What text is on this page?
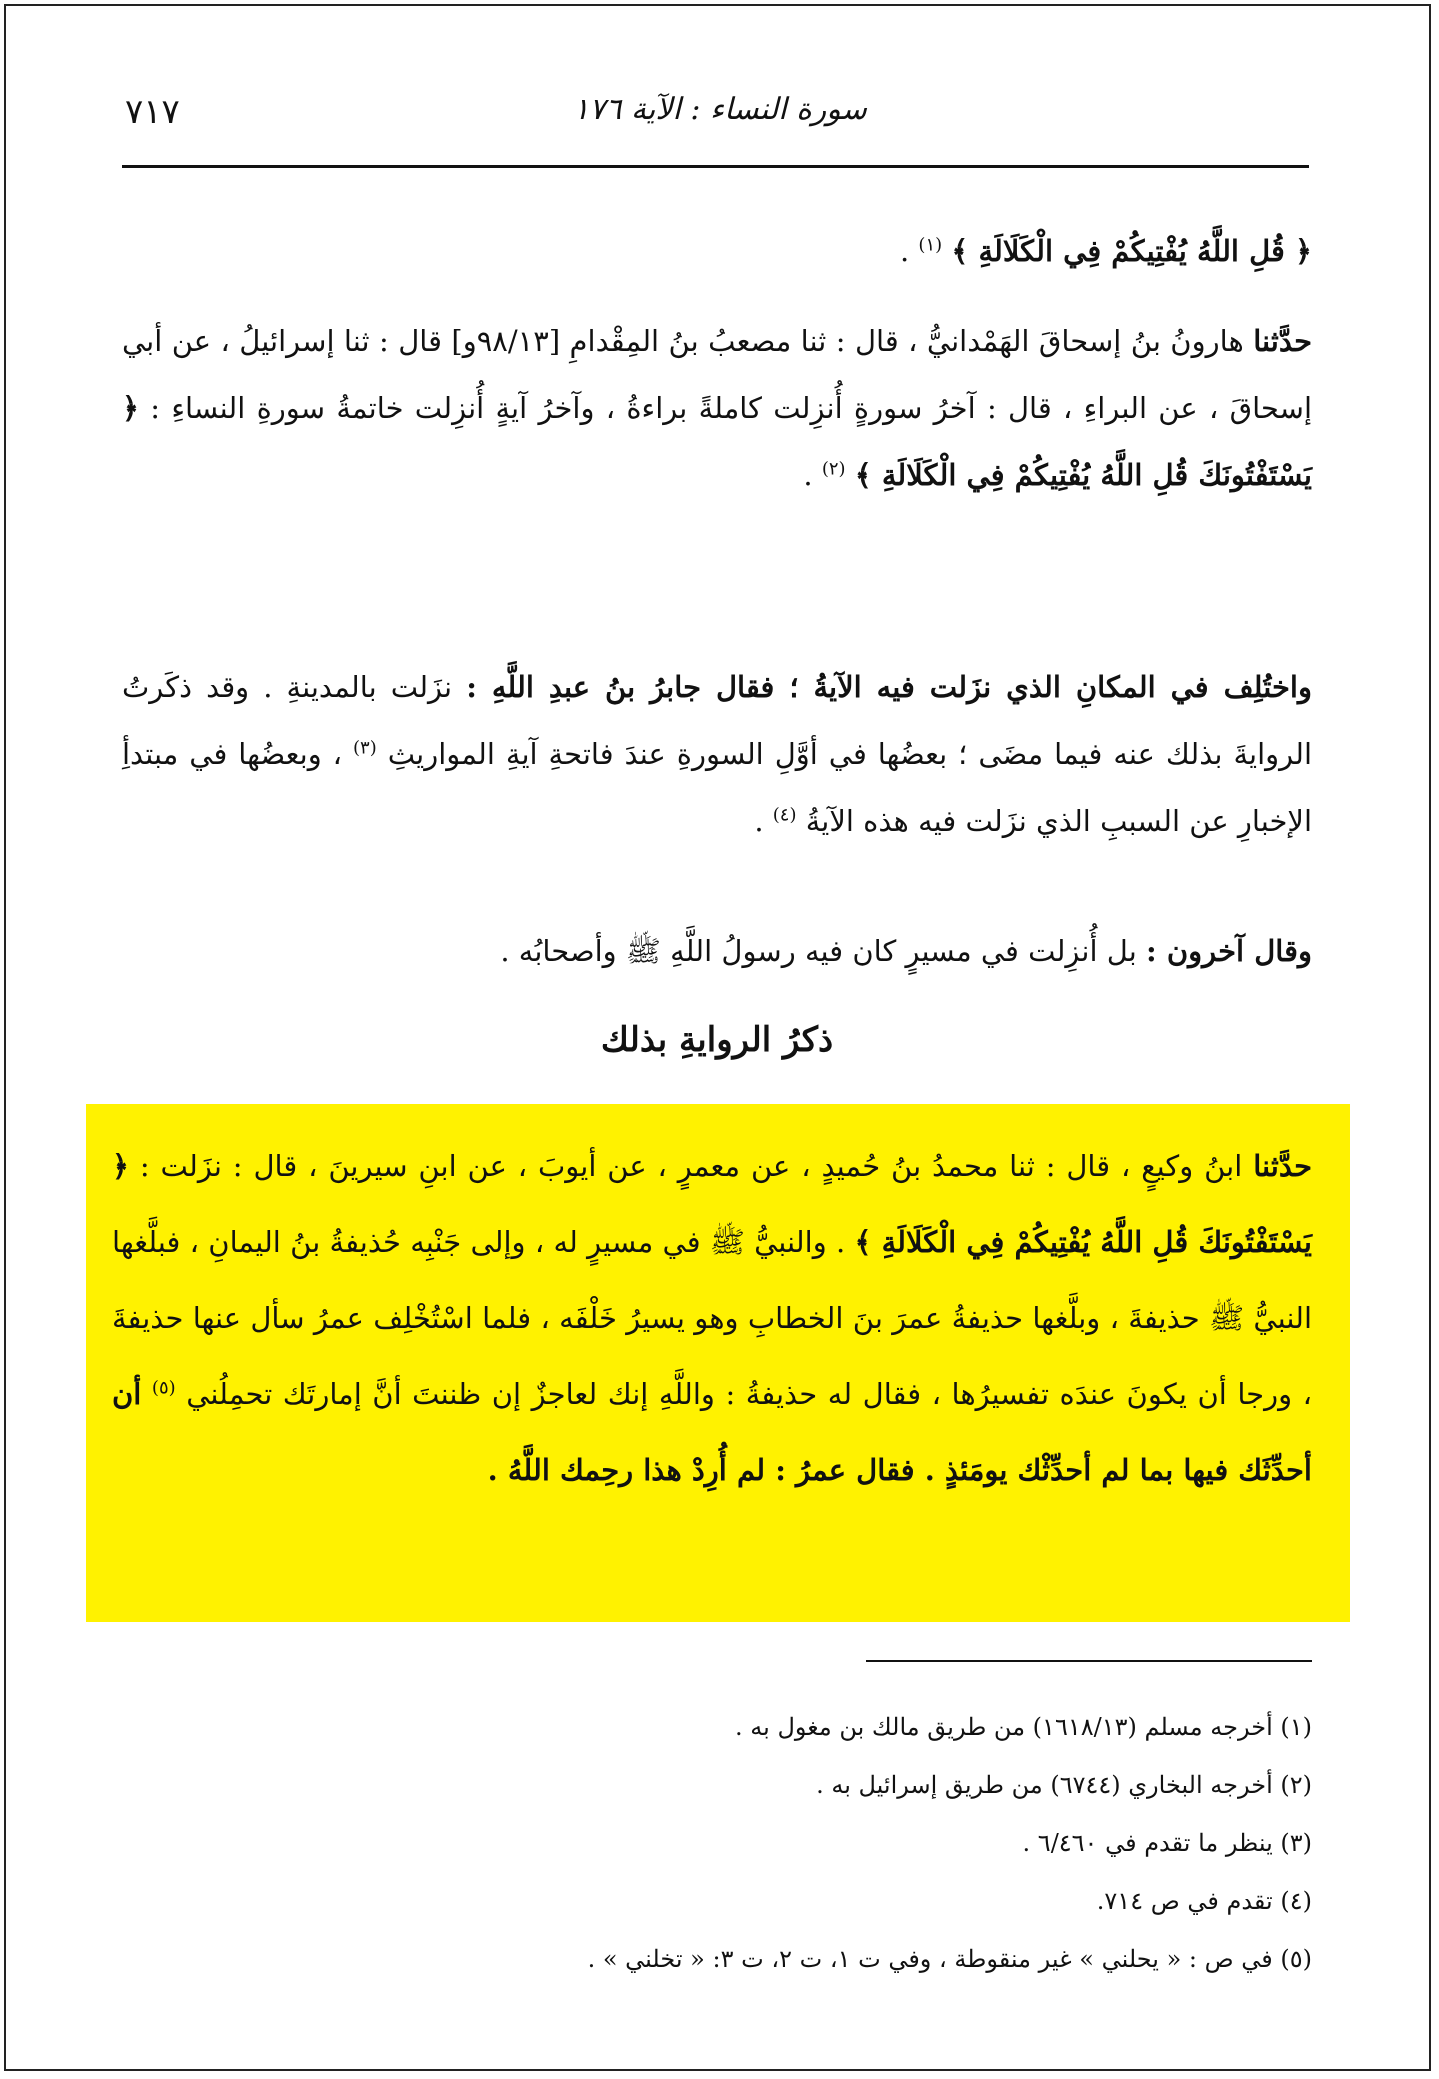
٧١٧	سورة النساء : الآية ١٧٦
﴿ قُلِ اللَّهُ يُفْتِيكُمْ فِي الْكَلَالَةِ ﴾ $^{(١)}$ .
حدَّثنا هارونُ بنُ إسحاقَ الهَمْدانيُّ ، قال : ثنا مصعبُ بنُ المِقْدامِ [٩٨/١٣و] قال : ثنا إسرائيلُ ، عن أبي إسحاقَ ، عن البراءِ ، قال : آخرُ سورةٍ أُنزِلت كاملةً براءةُ ، وآخرُ آيةٍ أُنزِلت خاتمةُ سورةِ النساءِ : ﴿ يَسْتَفْتُونَكَ قُلِ اللَّهُ يُفْتِيكُمْ فِي الْكَلَالَةِ ﴾ $^{(٢)}$ .
واختُلِف في المكانِ الذي نزَلت فيه الآيةُ ؛ فقال جابرُ بنُ عبدِ اللَّهِ : نزَلت بالمدينةِ . وقد ذكَرتُ الروايةَ بذلك عنه فيما مضَى ؛ بعضُها في أوَّلِ السورةِ عندَ فاتحةِ آيةِ المواريثِ $^{(٣)}$ ، وبعضُها في مبتدأِ الإخبارِ عن السببِ الذي نزَلت فيه هذه الآيةُ $^{(٤)}$ .
وقال آخرون : بل أُنزِلت في مسيرٍ كان فيه رسولُ اللَّهِ ﷺ وأصحابُه .
ذكرُ الروايةِ بذلك
حدَّثنا ابنُ وكيعٍ ، قال : ثنا محمدُ بنُ حُميدٍ ، عن معمرٍ ، عن أيوبَ ، عن ابنِ سيرينَ ، قال : نزَلت : ﴿ يَسْتَفْتُونَكَ قُلِ اللَّهُ يُفْتِيكُمْ فِي الْكَلَالَةِ ﴾ . والنبيُّ ﷺ في مسيرٍ له ، وإلى جَنْبِه حُذيفةُ بنُ اليمانِ ، فبلَّغها النبيُّ ﷺ حذيفةَ ، وبلَّغها حذيفةُ عمرَ بنَ الخطابِ وهو يسيرُ خَلْفَه ، فلما اسْتُخْلِف عمرُ سأل عنها حذيفةَ ، ورجا أن يكونَ عندَه تفسيرُها ، فقال له حذيفةُ : واللَّهِ إنك لعاجزٌ إن ظننتَ أنَّ إمارتَك تحمِلُني $^{(٥)}$ أن أحدِّثَك فيها بما لم أحدِّثْك يومَئذٍ . فقال عمرُ : لم أُرِدْ هذا رحِمك اللَّهُ .
(١) أخرجه مسلم (١٦١٨/١٣) من طريق مالك بن مغول به .
(٢) أخرجه البخاري (٦٧٤٤) من طريق إسرائيل به .
(٣) ينظر ما تقدم في ٦/٤٦٠ .
(٤) تقدم في ص ٧١٤.
(٥) في ص : « يحلني » غير منقوطة ، وفي ت ١، ت ٢، ت ٣: « تخلني » .
